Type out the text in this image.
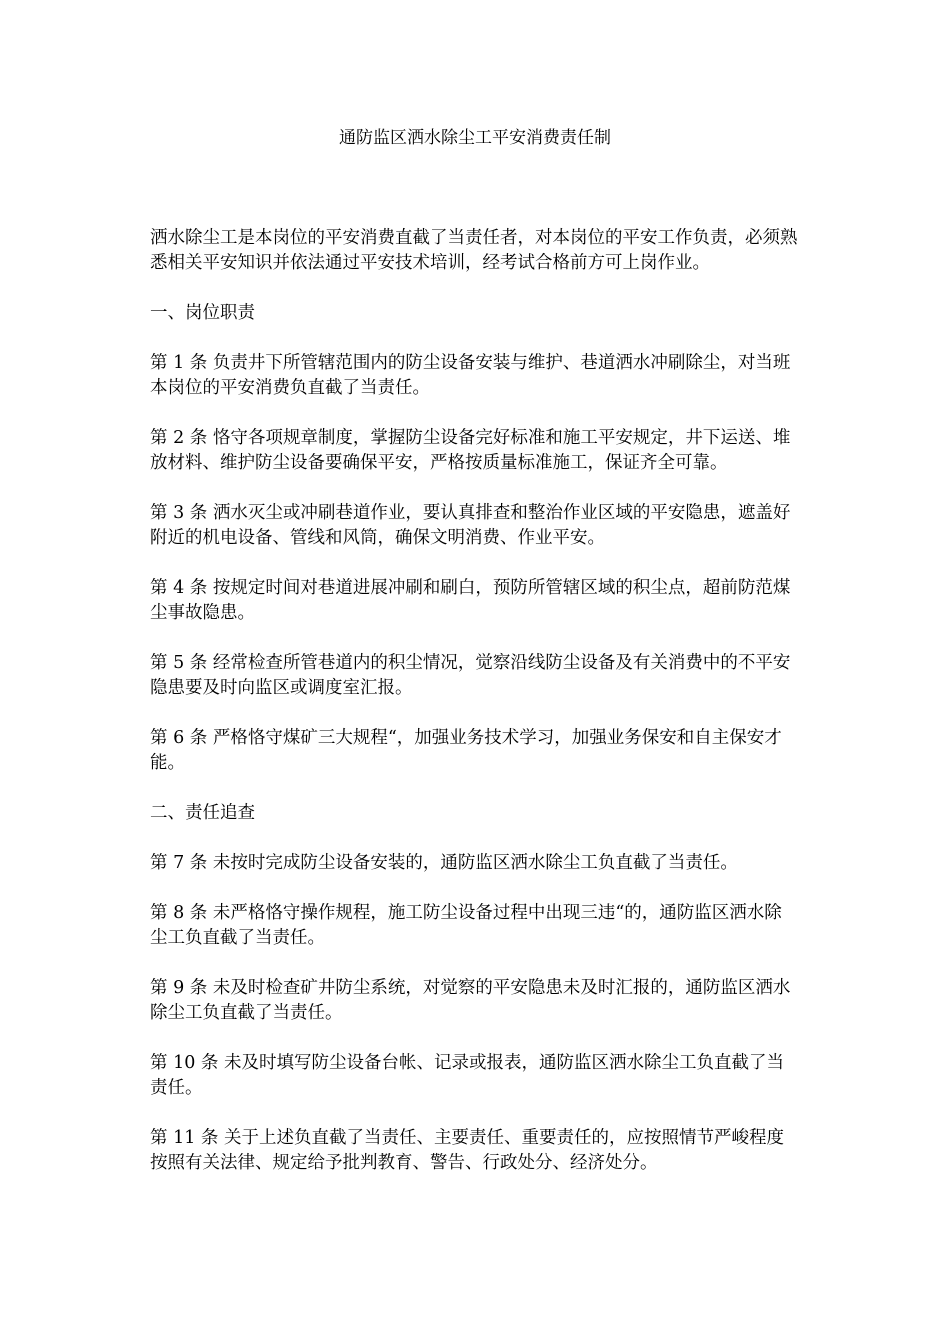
通防监区洒水除尘工平安消费责任制

洒水除尘工是本岗位的平安消费直截了当责任者，对本岗位的平安工作负责，必须熟悉相关平安知识并依法通过平安技术培训，经考试合格前方可上岗作业。

一、岗位职责

第 1 条 负责井下所管辖范围内的防尘设备安装与维护、巷道洒水冲刷除尘，对当班本岗位的平安消费负直截了当责任。

第 2 条 恪守各项规章制度，掌握防尘设备完好标准和施工平安规定，井下运送、堆放材料、维护防尘设备要确保平安，严格按质量标准施工，保证齐全可靠。

第 3 条 洒水灭尘或冲刷巷道作业，要认真排查和整治作业区域的平安隐患，遮盖好附近的机电设备、管线和风筒，确保文明消费、作业平安。

第 4 条 按规定时间对巷道进展冲刷和刷白，预防所管辖区域的积尘点，超前防范煤尘事故隐患。

第 5 条 经常检查所管巷道内的积尘情况，觉察沿线防尘设备及有关消费中的不平安隐患要及时向监区或调度室汇报。

第 6 条 严格恪守煤矿三大规程“，加强业务技术学习，加强业务保安和自主保安才能。

二、责任追查

第 7 条 未按时完成防尘设备安装的，通防监区洒水除尘工负直截了当责任。

第 8 条 未严格恪守操作规程，施工防尘设备过程中出现三违“的，通防监区洒水除尘工负直截了当责任。

第 9 条 未及时检查矿井防尘系统，对觉察的平安隐患未及时汇报的，通防监区洒水除尘工负直截了当责任。

第 10 条 未及时填写防尘设备台帐、记录或报表，通防监区洒水除尘工负直截了当责任。

第 11 条 关于上述负直截了当责任、主要责任、重要责任的，应按照情节严峻程度按照有关法律、规定给予批判教育、警告、行政处分、经济处分。
